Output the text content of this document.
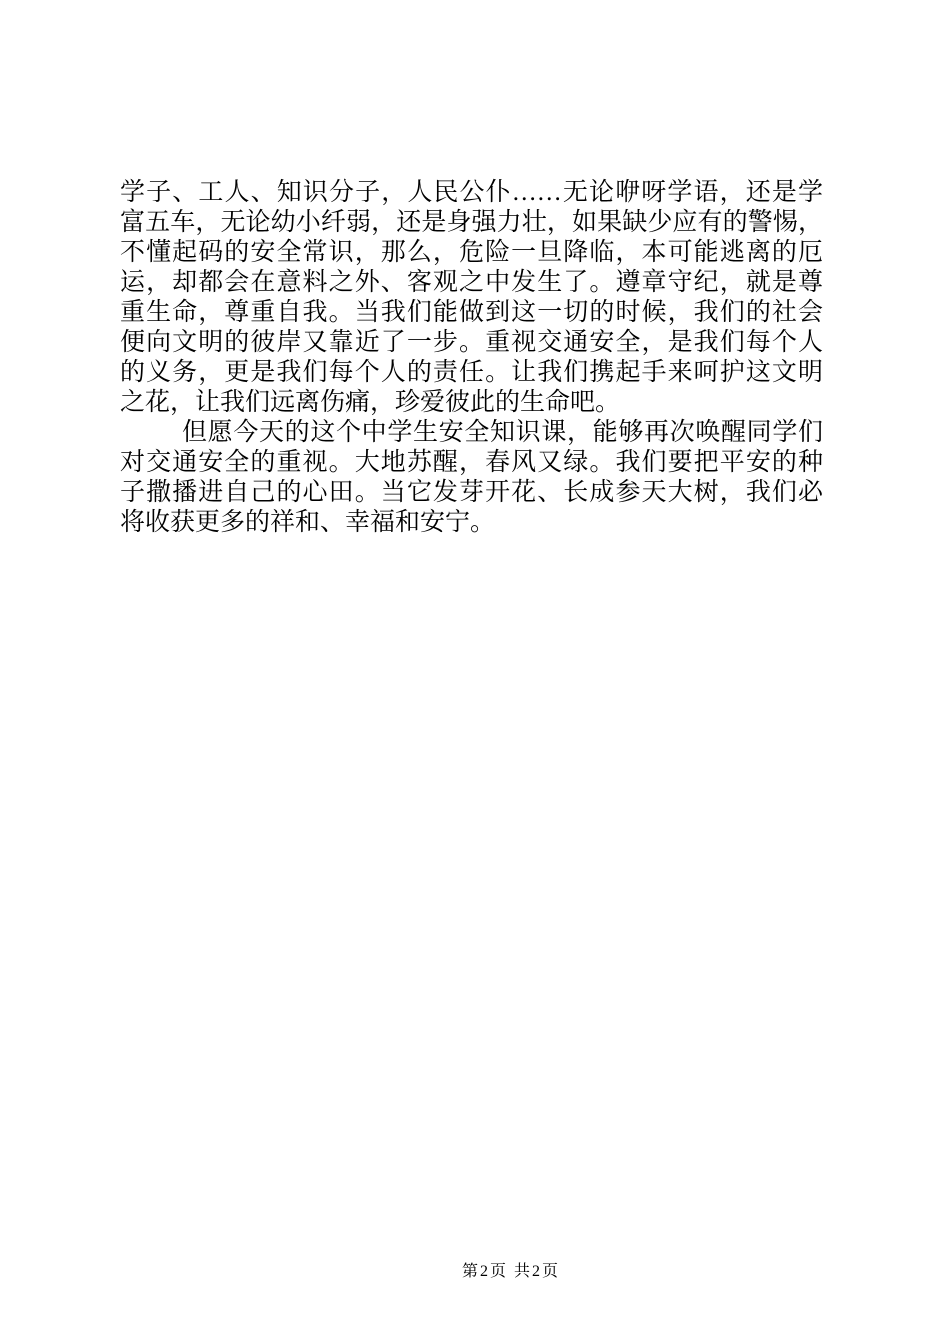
学子、工人、知识分子，人民公仆……无论咿呀学语，还是学
富五车，无论幼小纤弱，还是身强力壮，如果缺少应有的警惕，
不懂起码的安全常识，那么，危险一旦降临，本可能逃离的厄
运，却都会在意料之外、客观之中发生了。遵章守纪，就是尊
重生命，尊重自我。当我们能做到这一切的时候，我们的社会
便向文明的彼岸又靠近了一步。重视交通安全，是我们每个人
的义务，更是我们每个人的责任。让我们携起手来呵护这文明
之花，让我们远离伤痛，珍爱彼此的生命吧。
但愿今天的这个中学生安全知识课，能够再次唤醒同学们
对交通安全的重视。大地苏醒，春风又绿。我们要把平安的种
子撒播进自己的心田。当它发芽开花、长成参天大树，我们必
将收获更多的祥和、幸福和安宁。

第2页 共2页
